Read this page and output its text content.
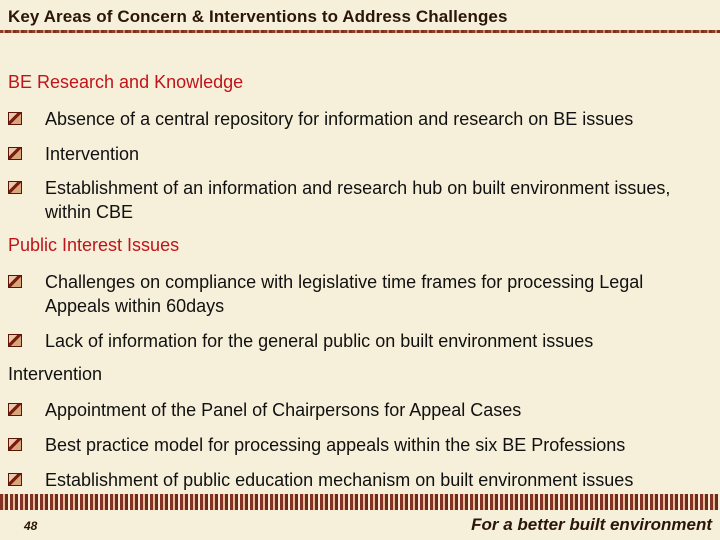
Key Areas of Concern & Interventions to Address Challenges
BE Research and Knowledge
Absence of a central repository for information and research on BE issues
Intervention
Establishment of an information and research hub on built environment issues, within CBE
Public Interest Issues
Challenges on compliance with legislative time frames for processing Legal Appeals within 60days
Lack of information for the general public on built environment issues
Intervention
Appointment of the Panel of Chairpersons for Appeal Cases
Best practice model for processing appeals within the six BE Professions
Establishment of public education mechanism on built environment issues
48	For a better built environment
